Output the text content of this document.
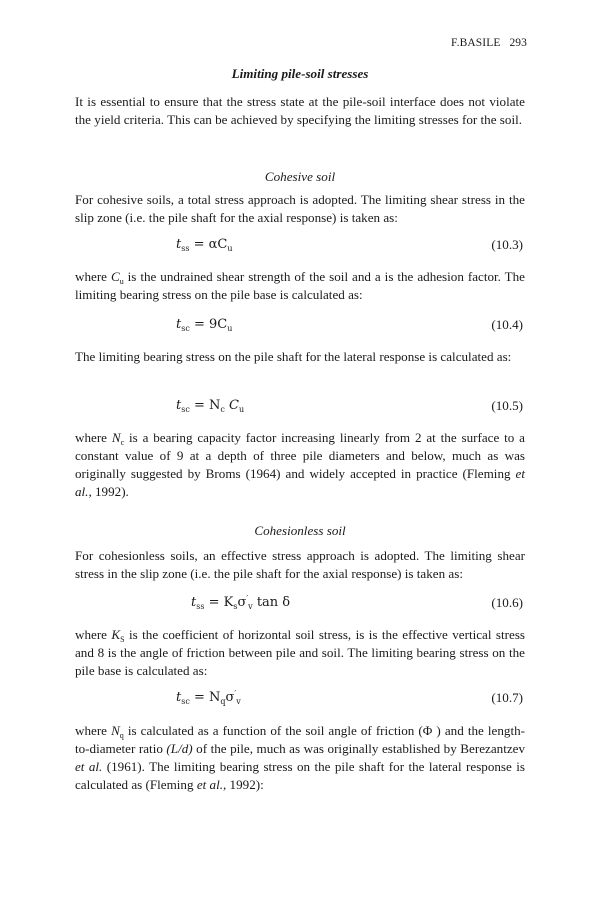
F.BASILE 293
Limiting pile-soil stresses
It is essential to ensure that the stress state at the pile-soil interface does not violate the yield criteria. This can be achieved by specifying the limiting stresses for the soil.
Cohesive soil
For cohesive soils, a total stress approach is adopted. The limiting shear stress in the slip zone (i.e. the pile shaft for the axial response) is taken as:
$t_{ss} = \alpha C_u$	(10.3)
where $C_u$ is the undrained shear strength of the soil and a is the adhesion factor. The limiting bearing stress on the pile base is calculated as:
$t_{sc} = 9C_u$	(10.4)
The limiting bearing stress on the pile shaft for the lateral response is calculated as:
$t_{sc} = N_c$ $C_u$	(10.5)
where $N_c$ is a bearing capacity factor increasing linearly from 2 at the surface to a constant value of 9 at a depth of three pile diameters and below, much as was originally suggested by Broms (1964) and widely accepted in practice (Fleming et al., 1992).
Cohesionless soil
For cohesionless soils, an effective stress approach is adopted. The limiting shear stress in the slip zone (i.e. the pile shaft for the axial response) is taken as:
$t_{ss} = K_s\sigma'_v$ tan δ	(10.6)
where $K_S$ is the coefficient of horizontal soil stress, is is the effective vertical stress and 8 is the angle of friction between pile and soil. The limiting bearing stress on the pile base is calculated as:
$t_{sc} = N_q\sigma'_v$	(10.7)
where $N_q$ is calculated as a function of the soil angle of friction (Φ ) and the length-to-diameter ratio (L/d) of the pile, much as was originally established by Berezantzev et al. (1961). The limiting bearing stress on the pile shaft for the lateral response is calculated as (Fleming et al., 1992):
